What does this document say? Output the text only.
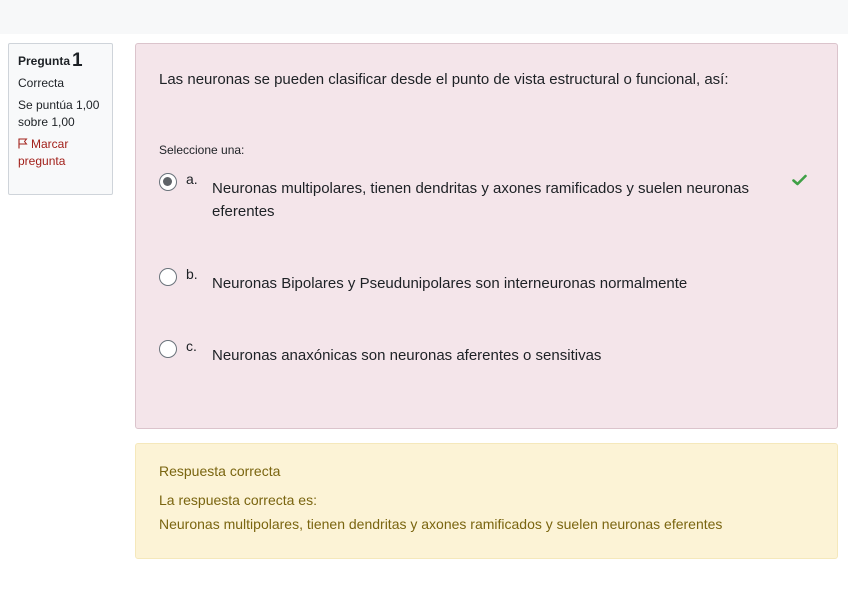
Pregunta 1
Correcta
Se puntúa 1,00
sobre 1,00
Marcar
pregunta
Las neuronas se pueden clasificar desde el punto de vista estructural o funcional, así:
Seleccione una:
a.
Neuronas multipolares, tienen dendritas y axones ramificados y suelen neuronas eferentes
b.
Neuronas Bipolares y Pseudunipolares son interneuronas normalmente
c.
Neuronas anaxónicas son neuronas aferentes o sensitivas
Respuesta correcta
La respuesta correcta es:
Neuronas multipolares, tienen dendritas y axones ramificados y suelen neuronas eferentes
